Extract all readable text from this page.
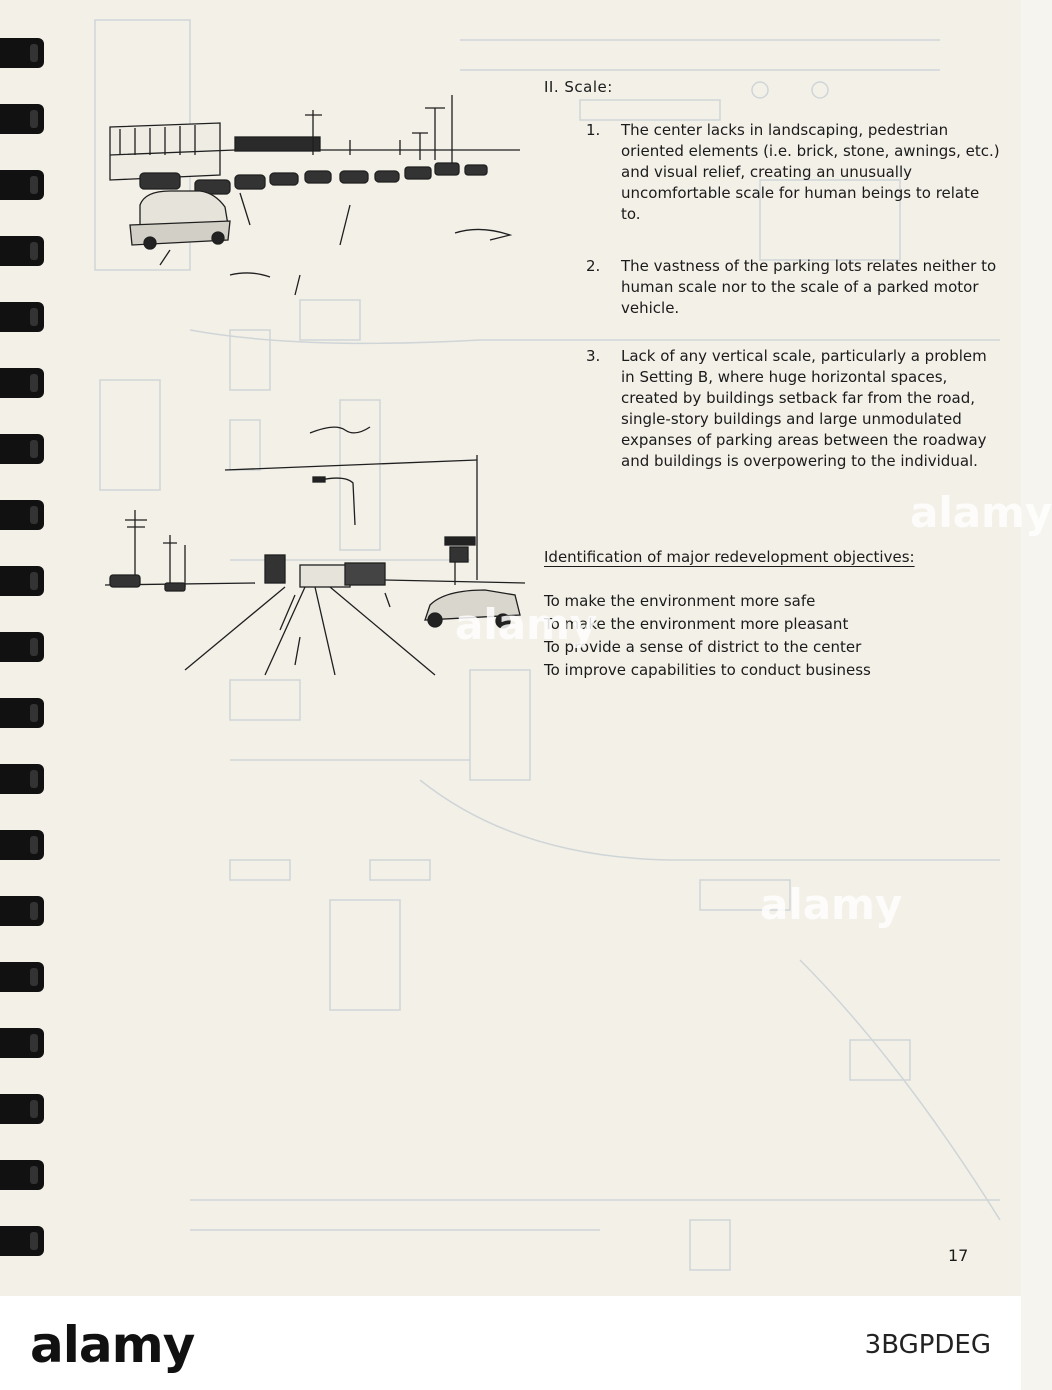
II. Scale:
1. The center lacks in landscaping, pedestrian oriented elements (i.e. brick, stone, awnings, etc.) and visual relief, creating an unusually uncomfortable scale for human beings to relate to.
2. The vastness of the parking lots relates neither to human scale nor to the scale of a parked motor vehicle.
3. Lack of any vertical scale, particularly a problem in Setting B, where huge horizontal spaces, created by buildings setback far from the road, single-story buildings and large unmodulated expanses of parking areas between the roadway and buildings is overpowering to the individual.
Identification of major redevelopment objectives:
To make the environment more safe
To make the environment more pleasant
To provide a sense of district to the center
To improve capabilities to conduct business
17
alamy
alamy
alamy
alamy	3BGPDEG
